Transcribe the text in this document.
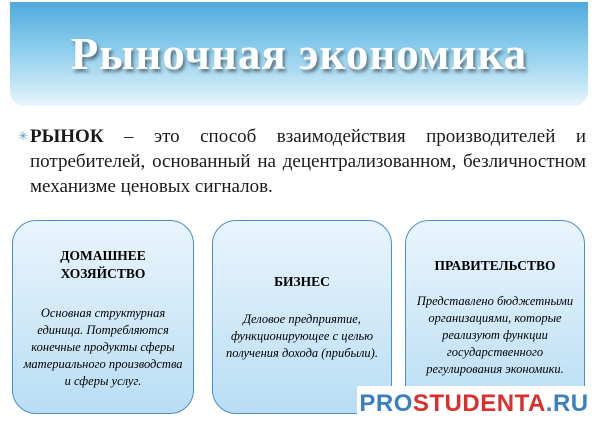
Рыночная экономика
✳ РЫНОК – это способ взаимодействия производителей и потребителей, основанный на децентрализованном, безличностном механизме ценовых сигналов.
ДОМАШНЕЕ ХОЗЯЙСТВО
Основная структурная единица. Потребляются конечные продукты сферы материального производства и сферы услуг.
БИЗНЕС
Деловое предприятие, функционирующее с целью получения дохода (прибыли).
ПРАВИТЕЛЬСТВО
Представлено бюджетными организациями, которые реализуют функции государственного регулирования экономики.
PROSTUDENTA.RU
